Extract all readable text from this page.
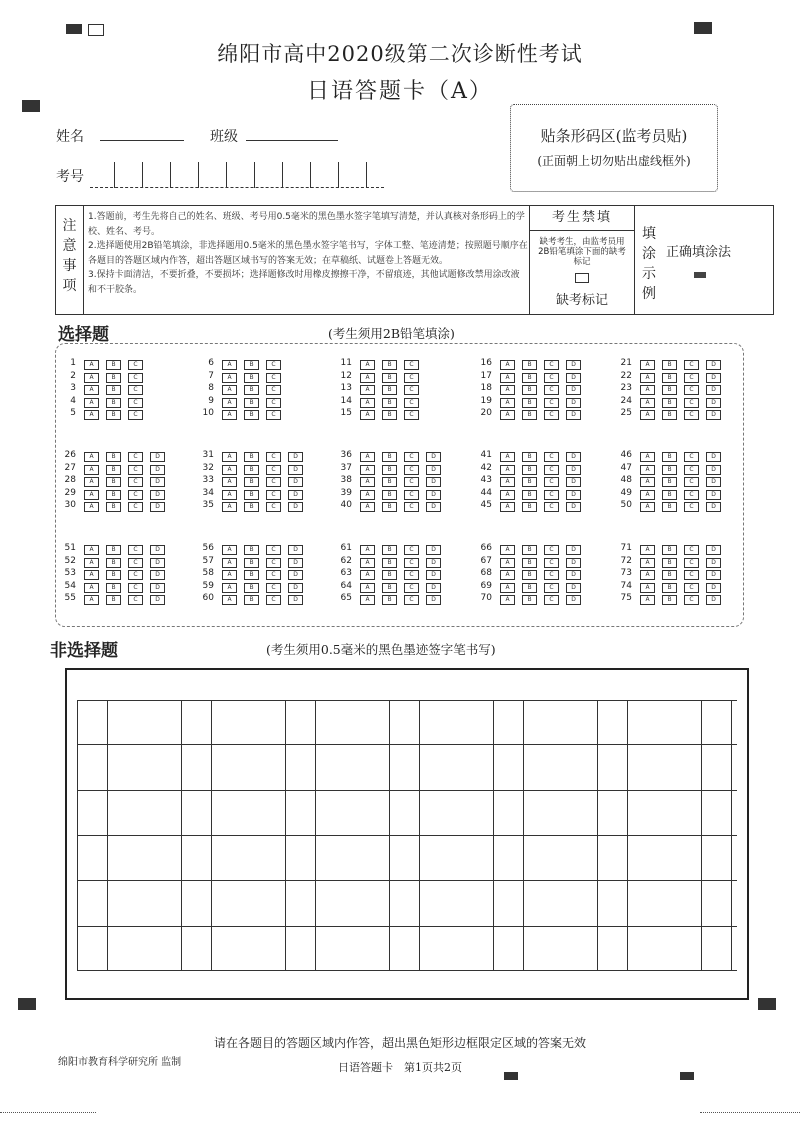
绵阳市高中2020级第二次诊断性考试
日语答题卡（A）
姓名	班级
考号
贴条形码区(监考员贴)
(正面朝上切勿贴出虚线框外)
注意事项
1.答题前，考生先将自己的姓名、班级、考号用0.5毫米的黑色墨水签字笔填写清楚，并认真核对条形码上的学校、姓名、考号。
2.选择题使用2B铅笔填涂，非选择题用0.5毫米的黑色墨水签字笔书写，字体工整、笔迹清楚；按照题号顺序在各题目的答题区域内作答，超出答题区域书写的答案无效；在草稿纸、试题卷上答题无效。
3.保持卡面清洁，不要折叠，不要损坏；选择题修改时用橡皮擦擦干净，不留痕迹，其他试题修改禁用涂改液和不干胶条。
考生禁填
缺考考生，由监考员用2B铅笔填涂下面的缺考标记
缺考标记
填涂示例
正确填涂法
选择题	(考生须用2B铅笔填涂)
1	A	B	C
2	A	B	C
3	A	B	C
4	A	B	C
5	A	B	C
6	A	B	C
7	A	B	C
8	A	B	C
9	A	B	C
10	A	B	C
11	A	B	C
12	A	B	C
13	A	B	C
14	A	B	C
15	A	B	C
16	A	B	C	D
17	A	B	C	D
18	A	B	C	D
19	A	B	C	D
20	A	B	C	D
21	A	B	C	D
22	A	B	C	D
23	A	B	C	D
24	A	B	C	D
25	A	B	C	D
26	A	B	C	D
27	A	B	C	D
28	A	B	C	D
29	A	B	C	D
30	A	B	C	D
31	A	B	C	D
32	A	B	C	D
33	A	B	C	D
34	A	B	C	D
35	A	B	C	D
36	A	B	C	D
37	A	B	C	D
38	A	B	C	D
39	A	B	C	D
40	A	B	C	D
41	A	B	C	D
42	A	B	C	D
43	A	B	C	D
44	A	B	C	D
45	A	B	C	D
46	A	B	C	D
47	A	B	C	D
48	A	B	C	D
49	A	B	C	D
50	A	B	C	D
51	A	B	C	D
52	A	B	C	D
53	A	B	C	D
54	A	B	C	D
55	A	B	C	D
56	A	B	C	D
57	A	B	C	D
58	A	B	C	D
59	A	B	C	D
60	A	B	C	D
61	A	B	C	D
62	A	B	C	D
63	A	B	C	D
64	A	B	C	D
65	A	B	C	D
66	A	B	C	D
67	A	B	C	D
68	A	B	C	D
69	A	B	C	D
70	A	B	C	D
71	A	B	C	D
72	A	B	C	D
73	A	B	C	D
74	A	B	C	D
75	A	B	C	D
非选择题	(考生须用0.5毫米的黑色墨迹签字笔书写)
请在各题目的答题区域内作答，超出黑色矩形边框限定区域的答案无效
绵阳市教育科学研究所 监制	日语答题卡　第1页共2页
